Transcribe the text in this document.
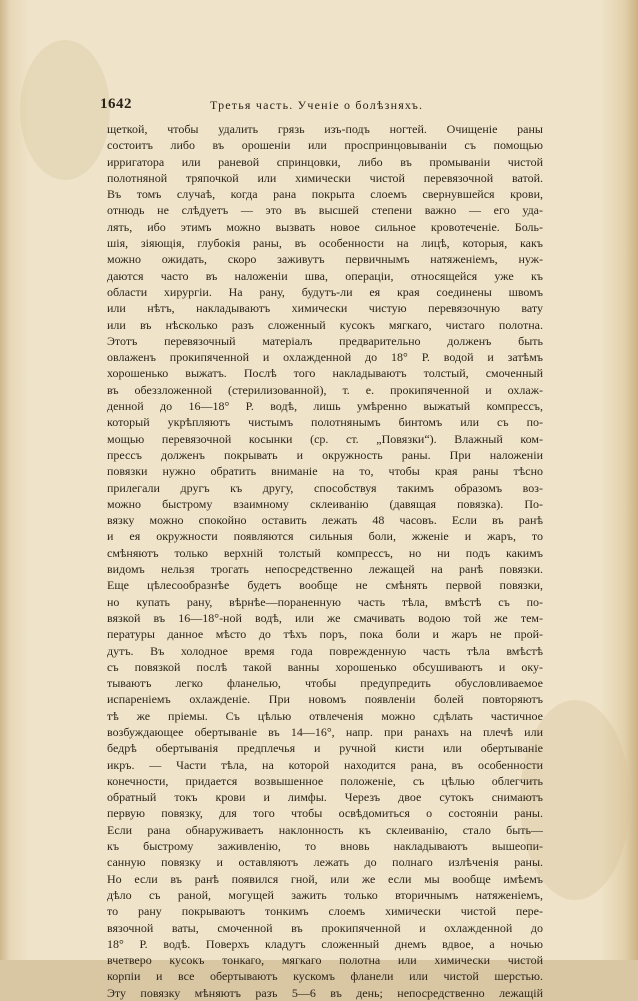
1642	Третья часть. Ученіе о болѣзняхъ.
щеткой, чтобы удалить грязь изъ-подъ ногтей. Очищеніе раны
состоитъ либо въ орошеніи или проспринцовываніи съ помощью
ирригатора или раневой спринцовки, либо въ промываніи чистой
полотняной тряпочкой или химически чистой перевязочной ватой.
Въ томъ случаѣ, когда рана покрыта слоемъ свернувшейся крови,
отнюдь не слѣдуетъ — это въ высшей степени важно — его уда-
лять, ибо этимъ можно вызвать новое сильное кровотеченіе. Боль-
шія, зіяющія, глубокія раны, въ особенности на лицѣ, которыя, какъ
можно ожидать, скоро заживутъ первичнымъ натяженіемъ, нуж-
даются часто въ наложеніи шва, операціи, относящейся уже къ
области хирургіи. На рану, будутъ-ли ея края соединены швомъ
или нѣтъ, накладываютъ химически чистую перевязочную вату
или въ нѣсколько разъ сложенный кусокъ мягкаго, чистаго полотна.
Этотъ перевязочный матеріалъ предварительно долженъ быть
овлаженъ прокипяченной и охлажденной до 18° Р. водой и затѣмъ
хорошенько выжатъ. Послѣ того накладываютъ толстый, смоченный
въ обеззложенной (стерилизованной), т. е. прокипяченной и охлаж-
денной до 16—18° Р. водѣ, лишь умѣренно выжатый компрессъ,
который укрѣпляютъ чистымъ полотнянымъ бинтомъ или съ по-
мощью перевязочной косынки (ср. ст. „Повязки“). Влажный ком-
прессъ долженъ покрывать и окружность раны. При наложеніи
повязки нужно обратить вниманіе на то, чтобы края раны тѣсно
прилегали другъ къ другу, способствуя такимъ образомъ воз-
можно быстрому взаимному склеиванію (давящая повязка). По-
вязку можно спокойно оставить лежать 48 часовъ. Если въ ранѣ
и ея окружности появляются сильныя боли, жженіе и жаръ, то
смѣняютъ только верхній толстый компрессъ, но ни подъ какимъ
видомъ нельзя трогать непосредственно лежащей на ранѣ повязки.
Еще цѣлесообразнѣе будетъ вообще не смѣнять первой повязки,
но купать рану, вѣрнѣе—пораненную часть тѣла, вмѣстѣ съ по-
вязкой въ 16—18°-ной водѣ, или же смачивать водою той же тем-
пературы данное мѣсто до тѣхъ поръ, пока боли и жаръ не прой-
дутъ. Въ холодное время года поврежденную часть тѣла вмѣстѣ
съ повязкой послѣ такой ванны хорошенько обсушиваютъ и оку-
тываютъ легко фланелью, чтобы предупредить обусловливаемое
испареніемъ охлажденіе. При новомъ появленіи болей повторяютъ
тѣ же пріемы. Съ цѣлью отвлеченія можно сдѣлать частичное
возбуждающее обертываніе въ 14—16°, напр. при ранахъ на плечѣ или
бедрѣ обертыванія предплечья и ручной кисти или обертываніе
икръ. — Части тѣла, на которой находится рана, въ особенности
конечности, придается возвышенное положеніе, съ цѣлью облегчить
обратный токъ крови и лимфы. Черезъ двое сутокъ снимаютъ
первую повязку, для того чтобы освѣдомиться о состояніи раны.
Если рана обнаруживаетъ наклонность къ склеиванію, стало быть—
къ быстрому заживленію, то вновь накладываютъ вышеопи-
санную повязку и оставляютъ лежать до полнаго излѣченія раны.
Но если въ ранѣ появился гной, или же если мы вообще имѣемъ
дѣло съ раной, могущей зажить только вторичнымъ натяженіемъ,
то рану покрываютъ тонкимъ слоемъ химически чистой пере-
вязочной ваты, смоченной въ прокипяченной и охлажденной до
18° Р. водѣ. Поверхъ кладутъ сложенный днемъ вдвое, а ночью
вчетверо кусокъ тонкаго, мягкаго полотна или химически чистой
корпіи и все обертываютъ кускомъ фланели или чистой шерстью.
Эту повязку мѣняютъ разъ 5—6 въ день; непосредственно лежащій
